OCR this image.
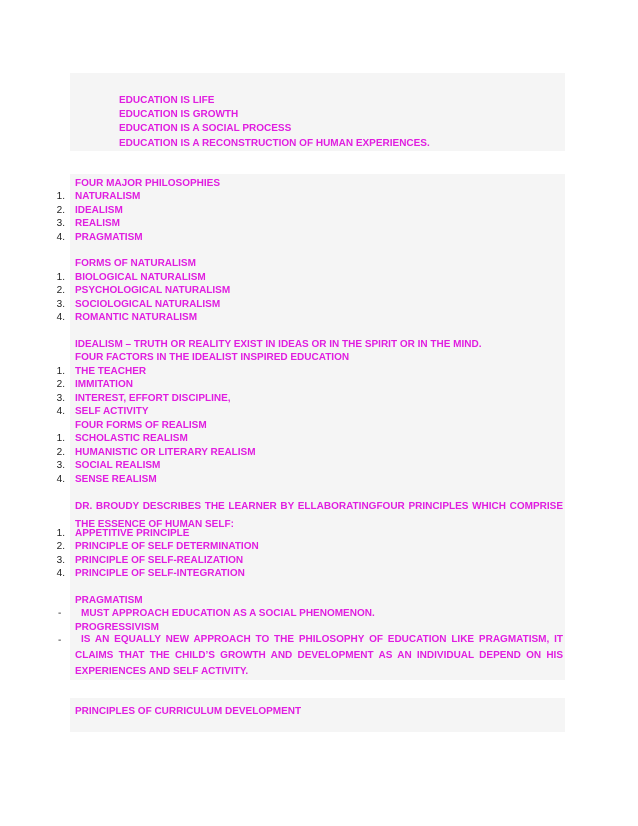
EDUCATION IS LIFE
EDUCATION IS GROWTH
EDUCATION IS A SOCIAL PROCESS
EDUCATION IS A RECONSTRUCTION OF HUMAN EXPERIENCES.
FOUR MAJOR PHILOSOPHIES
1. NATURALISM
2. IDEALISM
3. REALISM
4. PRAGMATISM
FORMS OF NATURALISM
1. BIOLOGICAL NATURALISM
2. PSYCHOLOGICAL NATURALISM
3. SOCIOLOGICAL NATURALISM
4. ROMANTIC NATURALISM
IDEALISM – TRUTH OR REALITY EXIST IN IDEAS OR IN THE SPIRIT OR IN THE MIND.
FOUR FACTORS IN THE IDEALIST INSPIRED EDUCATION
1. THE TEACHER
2. IMMITATION
3. INTEREST, EFFORT DISCIPLINE,
4. SELF ACTIVITY
FOUR FORMS OF REALISM
1. SCHOLASTIC REALISM
2. HUMANISTIC OR LITERARY REALISM
3. SOCIAL REALISM
4. SENSE REALISM
DR. BROUDY DESCRIBES THE LEARNER BY ELLABORATINGFOUR PRINCIPLES WHICH COMPRISE
THE ESSENCE OF HUMAN SELF:
1. APPETITIVE PRINCIPLE
2. PRINCIPLE OF SELF DETERMINATION
3. PRINCIPLE OF SELF-REALIZATION
4. PRINCIPLE OF SELF-INTEGRATION
PRAGMATISM
- MUST APPROACH EDUCATION AS A SOCIAL PHENOMENON.
PROGRESSIVISM
- IS AN EQUALLY NEW APPROACH TO THE PHILOSOPHY OF EDUCATION LIKE PRAGMATISM, IT
CLAIMS THAT THE CHILD’S GROWTH AND DEVELOPMENT AS AN INDIVIDUAL DEPEND ON HIS
EXPERIENCES AND SELF ACTIVITY.
PRINCIPLES OF CURRICULUM DEVELOPMENT
